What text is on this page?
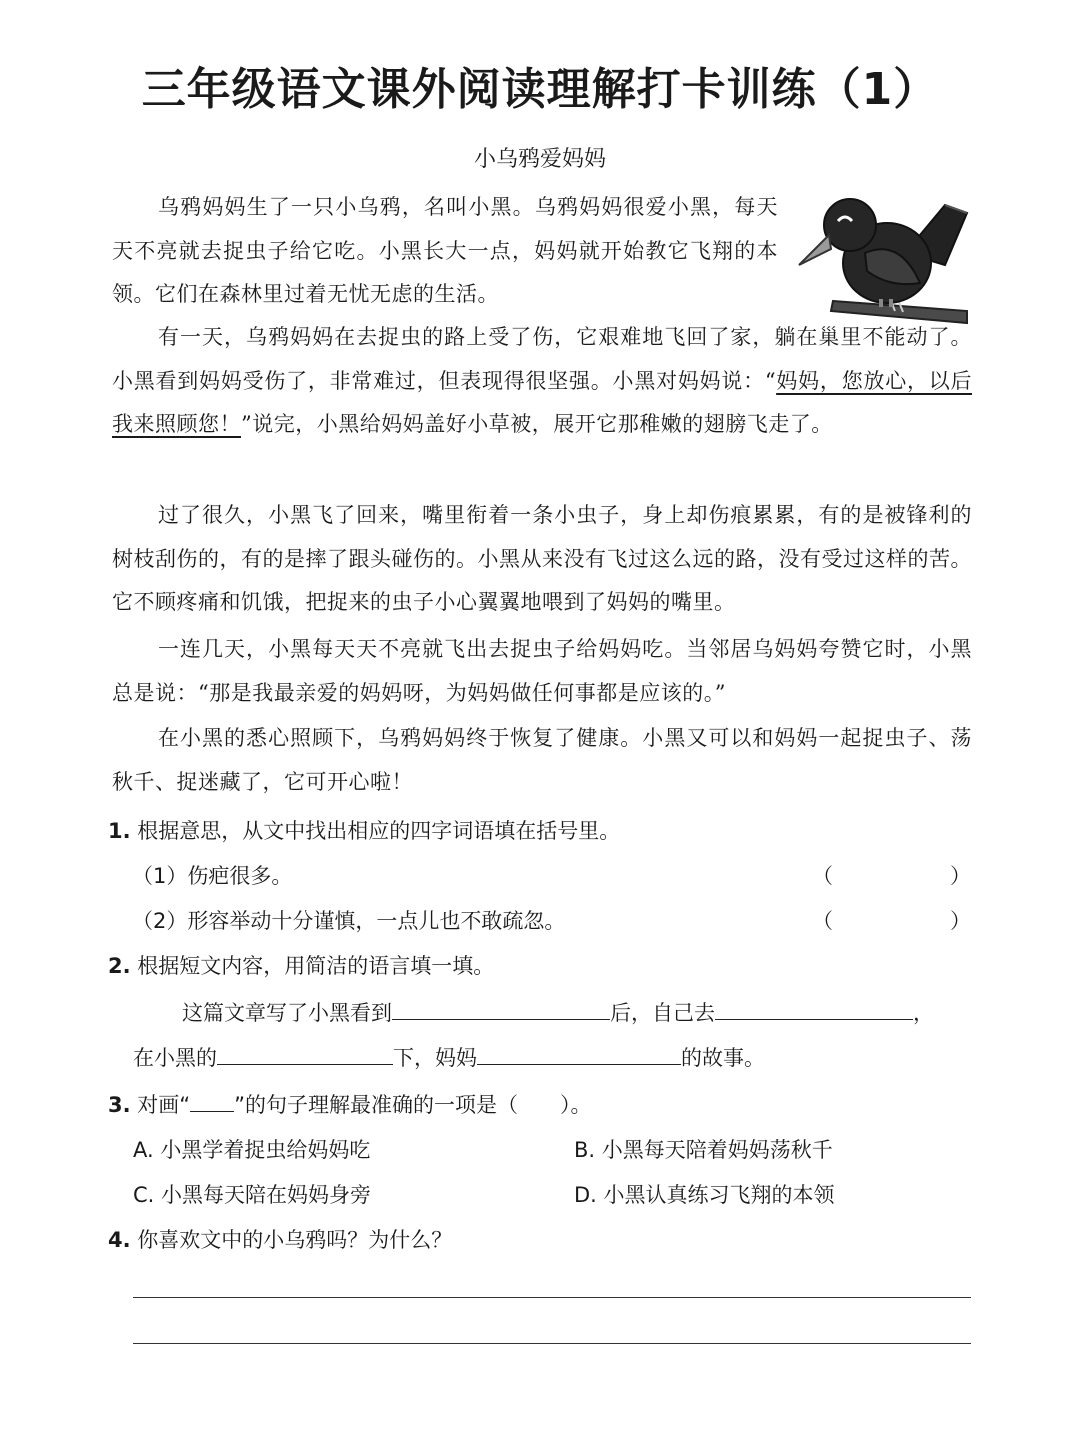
三年级语文课外阅读理解打卡训练（1）
小乌鸦爱妈妈

乌鸦妈妈生了一只小乌鸦，名叫小黑。乌鸦妈妈很爱小黑，每天天不亮就去捉虫子给它吃。小黑长大一点，妈妈就开始教它飞翔的本领。它们在森林里过着无忧无虑的生活。

有一天，乌鸦妈妈在去捉虫的路上受了伤，它艰难地飞回了家，躺在巢里不能动了。小黑看到妈妈受伤了，非常难过，但表现得很坚强。小黑对妈妈说：“妈妈，您放心，以后我来照顾您！”说完，小黑给妈妈盖好小草被，展开它那稚嫩的翅膀飞走了。

过了很久，小黑飞了回来，嘴里衔着一条小虫子，身上却伤痕累累，有的是被锋利的树枝刮伤的，有的是摔了跟头碰伤的。小黑从来没有飞过这么远的路，没有受过这样的苦。它不顾疼痛和饥饿，把捉来的虫子小心翼翼地喂到了妈妈的嘴里。

一连几天，小黑每天天不亮就飞出去捉虫子给妈妈吃。当邻居乌妈妈夸赞它时，小黑总是说：“那是我最亲爱的妈妈呀，为妈妈做任何事都是应该的。”

在小黑的悉心照顾下，乌鸦妈妈终于恢复了健康。小黑又可以和妈妈一起捉虫子、荡秋千、捉迷藏了，它可开心啦！

1. 根据意思，从文中找出相应的四字词语填在括号里。
（1）伤疤很多。	（	）
（2）形容举动十分谨慎，一点儿也不敢疏忽。	（	）
2. 根据短文内容，用简洁的语言填一填。
这篇文章写了小黑看到	后，自己去	，
在小黑的	下，妈妈	的故事。
3. 对画“ ”的句子理解最准确的一项是（　　）。
A. 小黑学着捉虫给妈妈吃	B. 小黑每天陪着妈妈荡秋千
C. 小黑每天陪在妈妈身旁	D. 小黑认真练习飞翔的本领
4. 你喜欢文中的小乌鸦吗？为什么？
